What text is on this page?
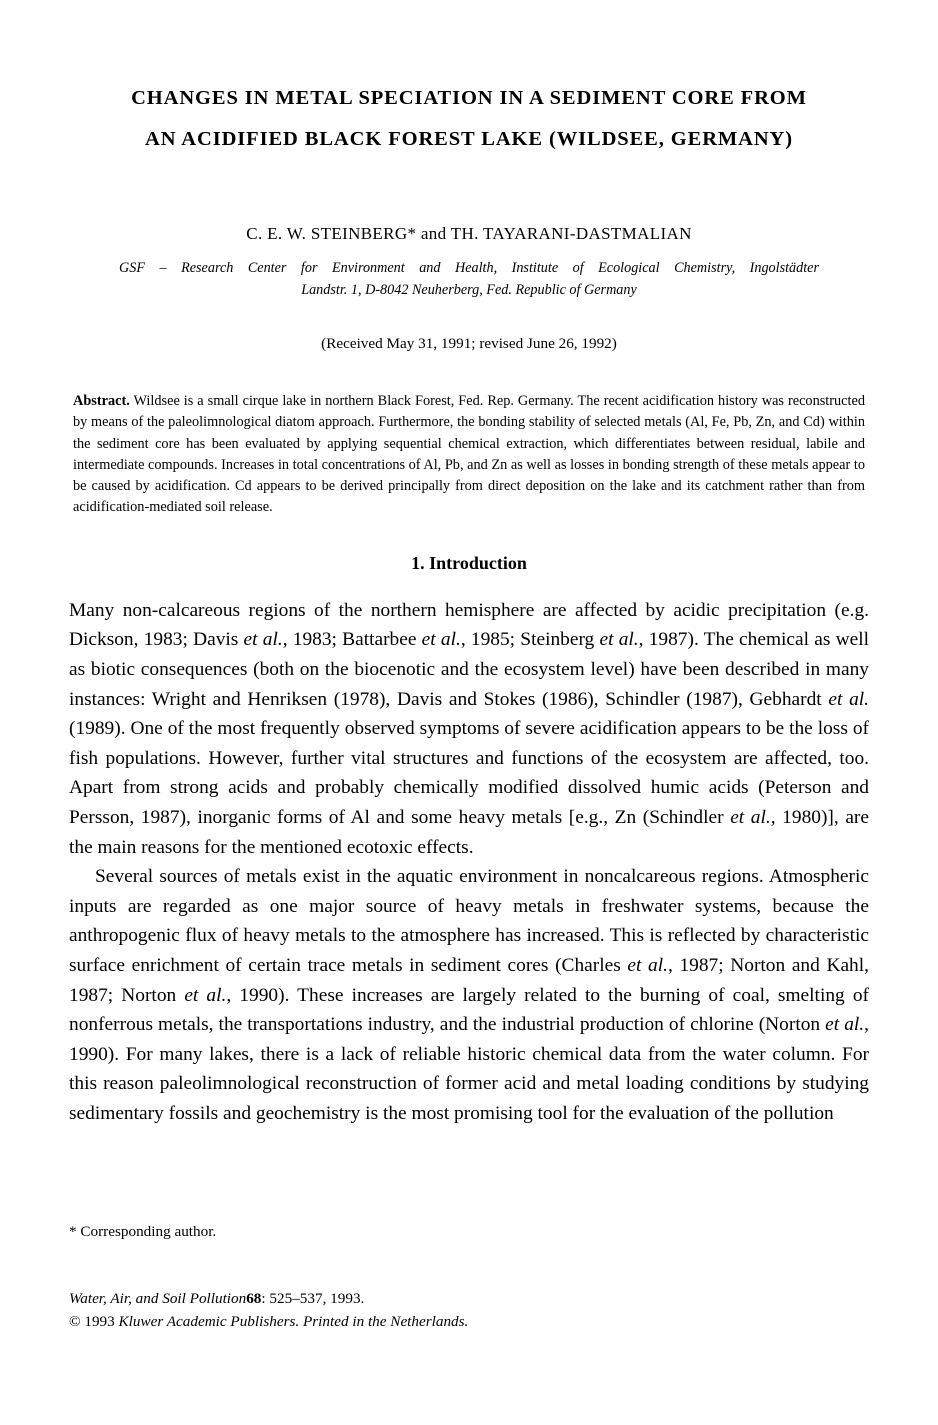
CHANGES IN METAL SPECIATION IN A SEDIMENT CORE FROM
AN ACIDIFIED BLACK FOREST LAKE (WILDSEE, GERMANY)
C. E. W. STEINBERG* and TH. TAYARANI-DASTMALIAN
GSF – Research Center for Environment and Health, Institute of Ecological Chemistry, Ingolstädter
Landstr. 1, D-8042 Neuherberg, Fed. Republic of Germany
(Received May 31, 1991; revised June 26, 1992)
Abstract. Wildsee is a small cirque lake in northern Black Forest, Fed. Rep. Germany. The recent acidification history was reconstructed by means of the paleolimnological diatom approach. Furthermore, the bonding stability of selected metals (Al, Fe, Pb, Zn, and Cd) within the sediment core has been evaluated by applying sequential chemical extraction, which differentiates between residual, labile and intermediate compounds. Increases in total concentrations of Al, Pb, and Zn as well as losses in bonding strength of these metals appear to be caused by acidification. Cd appears to be derived principally from direct deposition on the lake and its catchment rather than from acidification-mediated soil release.
1. Introduction

Many non-calcareous regions of the northern hemisphere are affected by acidic precipitation (e.g. Dickson, 1983; Davis et al., 1983; Battarbee et al., 1985; Steinberg et al., 1987). The chemical as well as biotic consequences (both on the biocenotic and the ecosystem level) have been described in many instances: Wright and Henriksen (1978), Davis and Stokes (1986), Schindler (1987), Gebhardt et al. (1989). One of the most frequently observed symptoms of severe acidification appears to be the loss of fish populations. However, further vital structures and functions of the ecosystem are affected, too. Apart from strong acids and probably chemically modified dissolved humic acids (Peterson and Persson, 1987), inorganic forms of Al and some heavy metals [e.g., Zn (Schindler et al., 1980)], are the main reasons for the mentioned ecotoxic effects.

Several sources of metals exist in the aquatic environment in noncalcareous regions. Atmospheric inputs are regarded as one major source of heavy metals in freshwater systems, because the anthropogenic flux of heavy metals to the atmosphere has increased. This is reflected by characteristic surface enrichment of certain trace metals in sediment cores (Charles et al., 1987; Norton and Kahl, 1987; Norton et al., 1990). These increases are largely related to the burning of coal, smelting of nonferrous metals, the transportations industry, and the industrial production of chlorine (Norton et al., 1990). For many lakes, there is a lack of reliable historic chemical data from the water column. For this reason paleolimnological reconstruction of former acid and metal loading conditions by studying sedimentary fossils and geochemistry is the most promising tool for the evaluation of the pollution

* Corresponding author.
Water, Air, and Soil Pollution68: 525–537, 1993.
© 1993 Kluwer Academic Publishers. Printed in the Netherlands.
